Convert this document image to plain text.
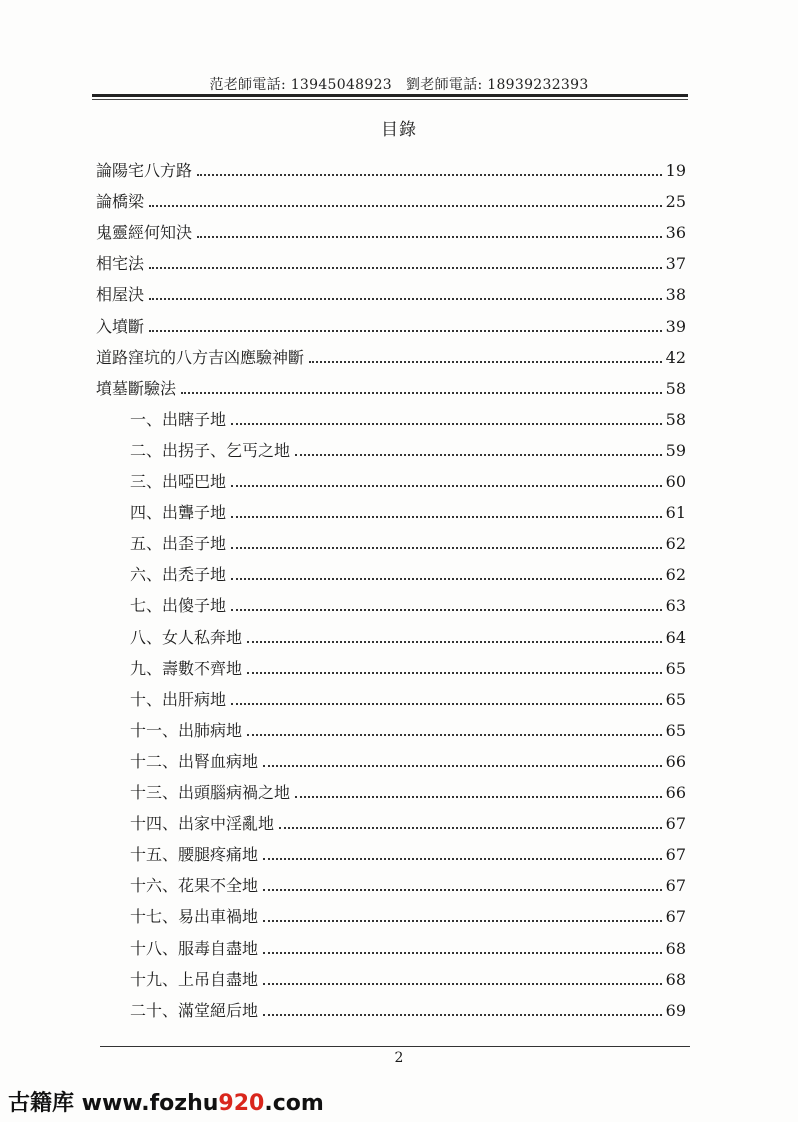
范老師電話: 13945048923 劉老師電話: 18939232393
目錄
論陽宅八方路	19
論橋梁	25
鬼靈經何知決	36
相宅法	37
相屋決	38
入墳斷	39
道路窪坑的八方吉凶應驗神斷	42
墳墓斷驗法	58
一、出瞎子地	58
二、出拐子、乞丐之地	59
三、出啞巴地	60
四、出聾子地	61
五、出歪子地	62
六、出禿子地	62
七、出傻子地	63
八、女人私奔地	64
九、壽數不齊地	65
十、出肝病地	65
十一、出肺病地	65
十二、出腎血病地	66
十三、出頭腦病禍之地	66
十四、出家中淫亂地	67
十五、腰腿疼痛地	67
十六、花果不全地	67
十七、易出車禍地	67
十八、服毒自盡地	68
十九、上吊自盡地	68
二十、滿堂絕后地	69
2
古籍库 www.fozhu920.com
